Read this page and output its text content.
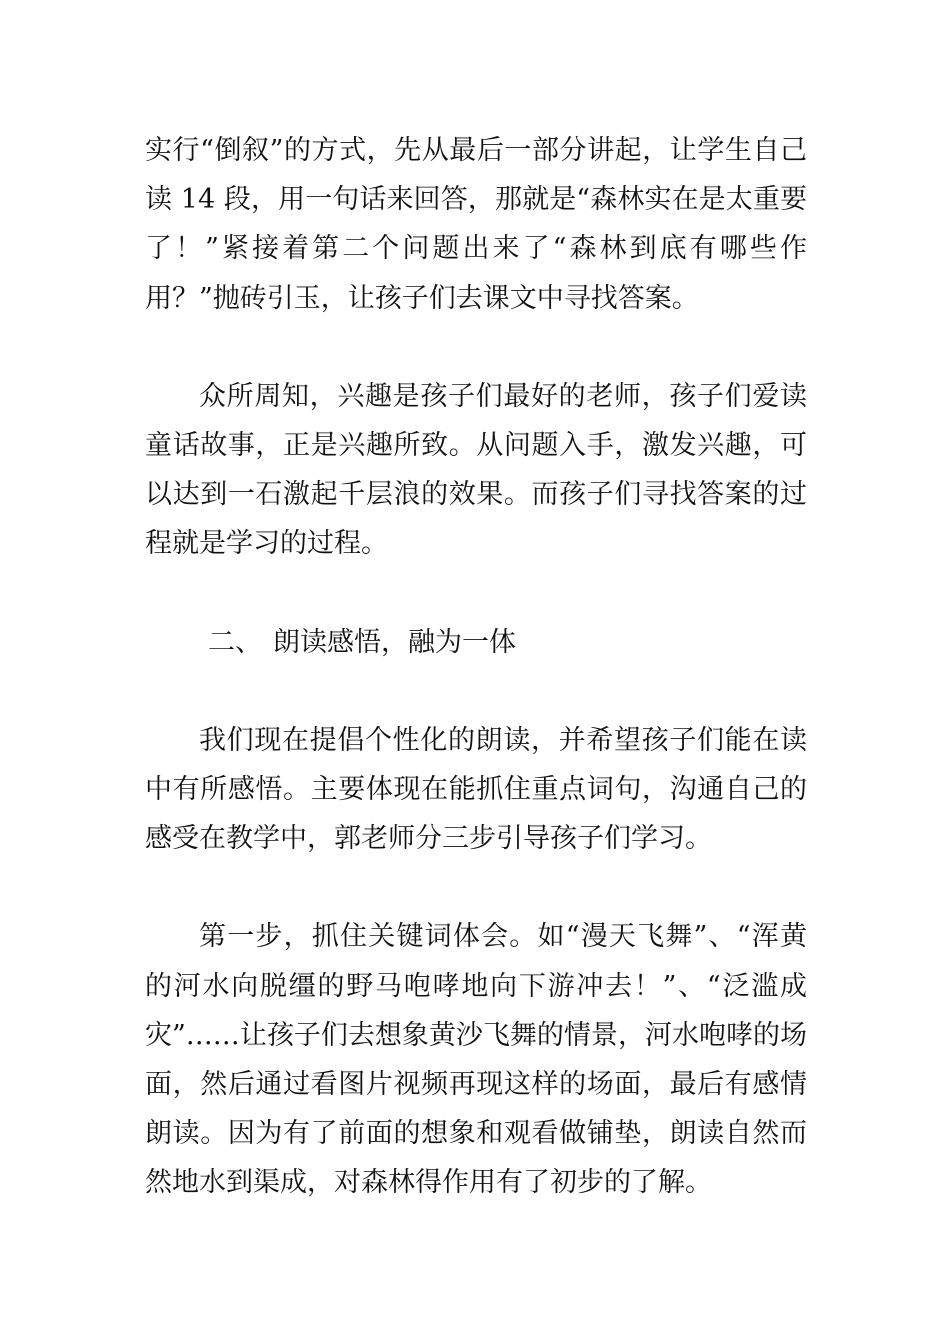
实行“倒叙”的方式，先从最后一部分讲起，让学生自己读 14 段，用一句话来回答，那就是“森林实在是太重要了！”紧接着第二个问题出来了“森林到底有哪些作用？”抛砖引玉，让孩子们去课文中寻找答案。

众所周知，兴趣是孩子们最好的老师，孩子们爱读童话故事，正是兴趣所致。从问题入手，激发兴趣，可以达到一石激起千层浪的效果。而孩子们寻找答案的过程就是学习的过程。

二、 朗读感悟，融为一体

我们现在提倡个性化的朗读，并希望孩子们能在读中有所感悟。主要体现在能抓住重点词句，沟通自己的感受在教学中，郭老师分三步引导孩子们学习。

第一步，抓住关键词体会。如“漫天飞舞”、“浑黄的河水向脱缰的野马咆哮地向下游冲去！”、“泛滥成灾”……让孩子们去想象黄沙飞舞的情景，河水咆哮的场面，然后通过看图片视频再现这样的场面，最后有感情朗读。因为有了前面的想象和观看做铺垫，朗读自然而然地水到渠成，对森林得作用有了初步的了解。
